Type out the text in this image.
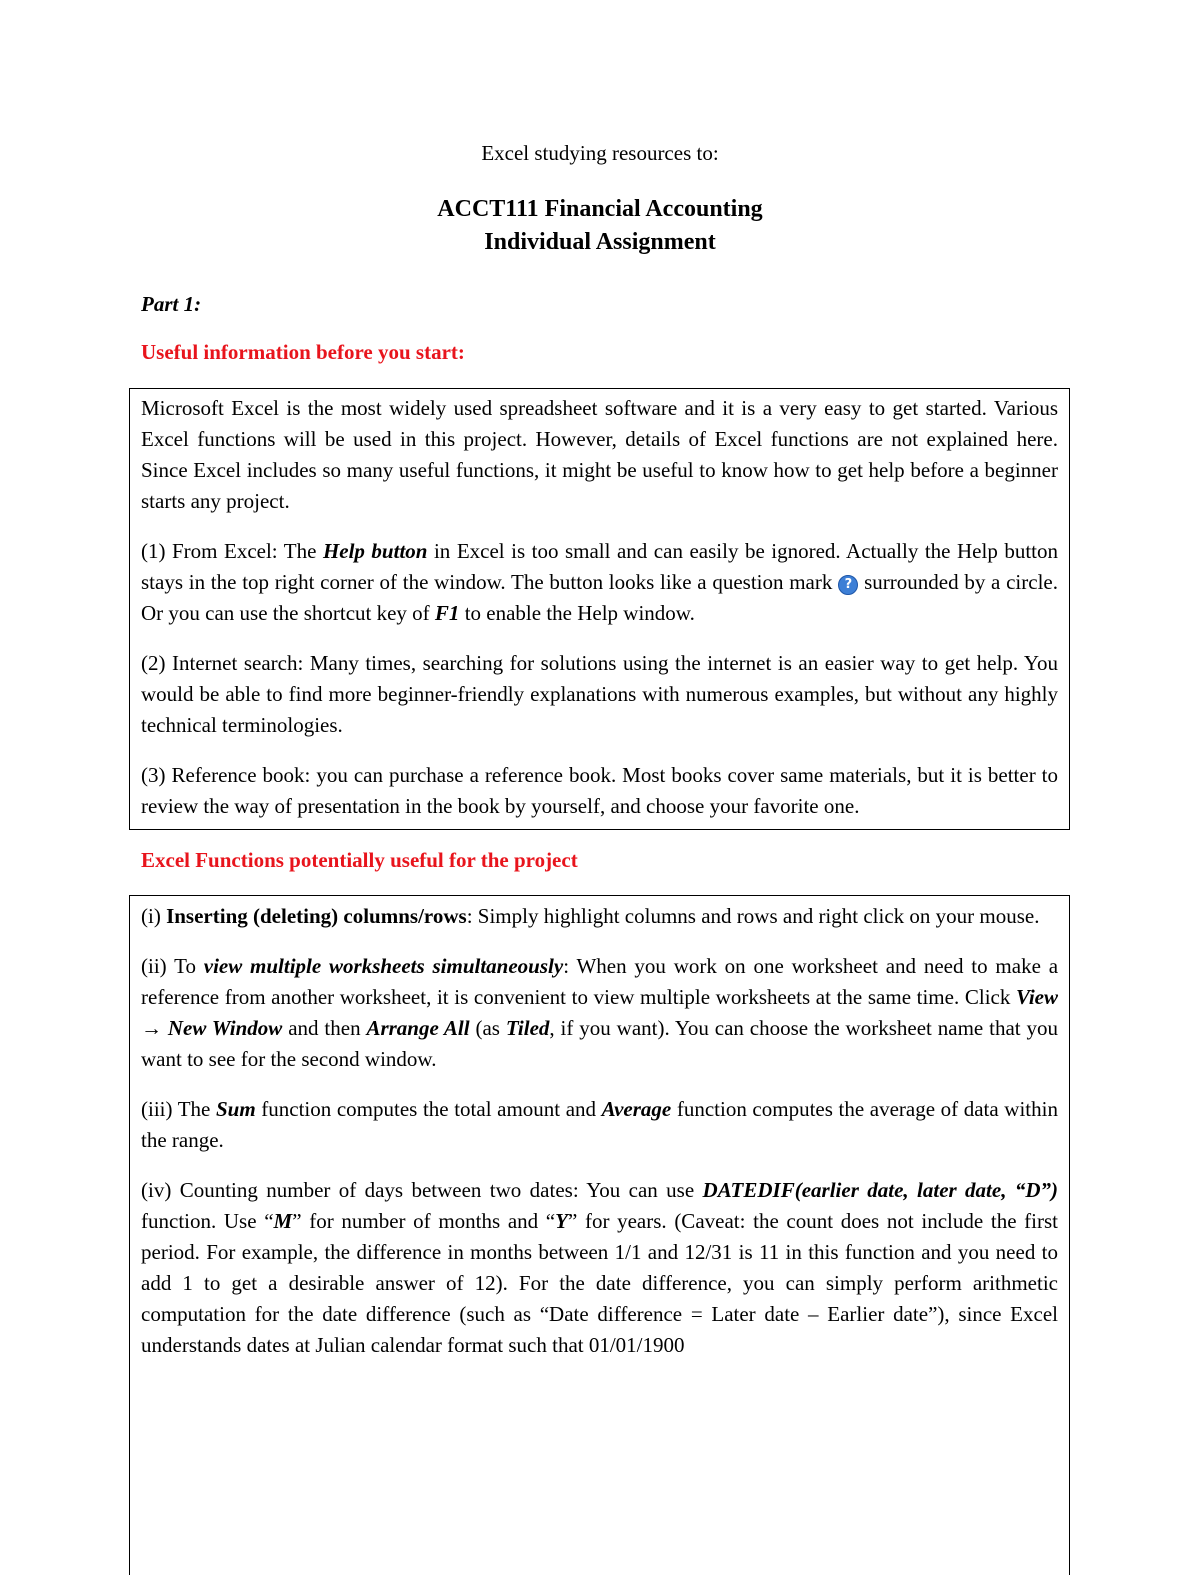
Excel studying resources to:
ACCT111 Financial Accounting
Individual Assignment
Part 1:
Useful information before you start:

Microsoft Excel is the most widely used spreadsheet software and it is a very easy to get started. Various Excel functions will be used in this project. However, details of Excel functions are not explained here. Since Excel includes so many useful functions, it might be useful to know how to get help before a beginner starts any project.

(1) From Excel: The Help button in Excel is too small and can easily be ignored. Actually the Help button stays in the top right corner of the window. The button looks like a question mark ? surrounded by a circle. Or you can use the shortcut key of F1 to enable the Help window.

(2) Internet search: Many times, searching for solutions using the internet is an easier way to get help. You would be able to find more beginner-friendly explanations with numerous examples, but without any highly technical terminologies.

(3) Reference book: you can purchase a reference book. Most books cover same materials, but it is better to review the way of presentation in the book by yourself, and choose your favorite one.

Excel Functions potentially useful for the project

(i) Inserting (deleting) columns/rows: Simply highlight columns and rows and right click on your mouse.

(ii) To view multiple worksheets simultaneously: When you work on one worksheet and need to make a reference from another worksheet, it is convenient to view multiple worksheets at the same time. Click View → New Window and then Arrange All (as Tiled, if you want). You can choose the worksheet name that you want to see for the second window.

(iii) The Sum function computes the total amount and Average function computes the average of data within the range.

(iv) Counting number of days between two dates: You can use DATEDIF(earlier date, later date, “D”) function. Use “M” for number of months and “Y” for years. (Caveat: the count does not include the first period. For example, the difference in months between 1/1 and 12/31 is 11 in this function and you need to add 1 to get a desirable answer of 12). For the date difference, you can simply perform arithmetic computation for the date difference (such as “Date difference = Later date – Earlier date”), since Excel understands dates at Julian calendar format such that 01/01/1900
